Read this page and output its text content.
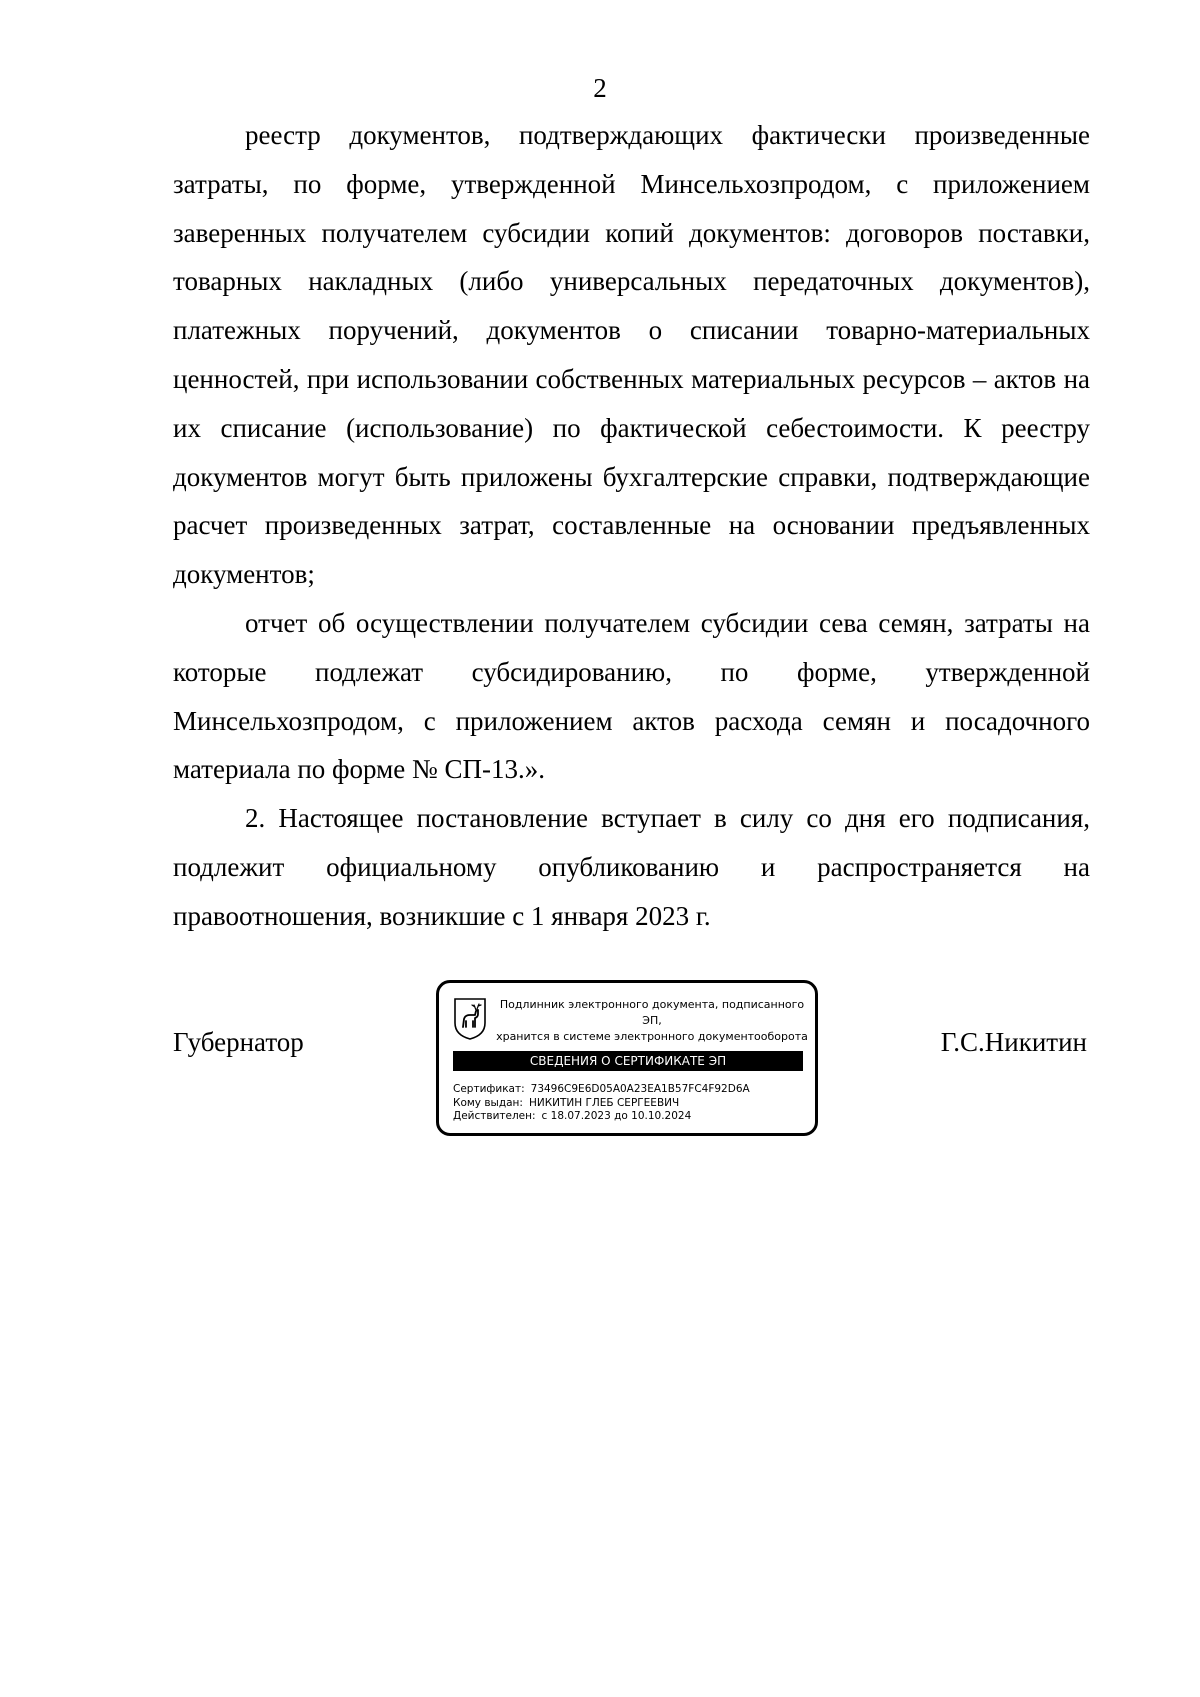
2

реестр документов, подтверждающих фактически произведенные затраты, по форме, утвержденной Минсельхозпродом, с приложением заверенных получателем субсидии копий документов: договоров поставки, товарных накладных (либо универсальных передаточных документов), платежных поручений, документов о списании товарно-материальных ценностей, при использовании собственных материальных ресурсов – актов на их списание (использование) по фактической себестоимости. К реестру документов могут быть приложены бухгалтерские справки, подтверждающие расчет произведенных затрат, составленные на основании предъявленных документов;

отчет об осуществлении получателем субсидии сева семян, затраты на которые подлежат субсидированию, по форме, утвержденной Минсельхозпродом, с приложением актов расхода семян и посадочного материала по форме № СП-13.».

2. Настоящее постановление вступает в силу со дня его подписания, подлежит официальному опубликованию и распространяется на правоотношения, возникшие с 1 января 2023 г.

Губернатор
Подлинник электронного документа, подписанного ЭП,
хранится в системе электронного документооборота
СВЕДЕНИЯ О СЕРТИФИКАТЕ ЭП
Сертификат: 73496C9E6D05A0A23EA1B57FC4F92D6A
Кому выдан: НИКИТИН ГЛЕБ СЕРГЕЕВИЧ
Действителен: с 18.07.2023 до 10.10.2024
Г.С.Никитин
